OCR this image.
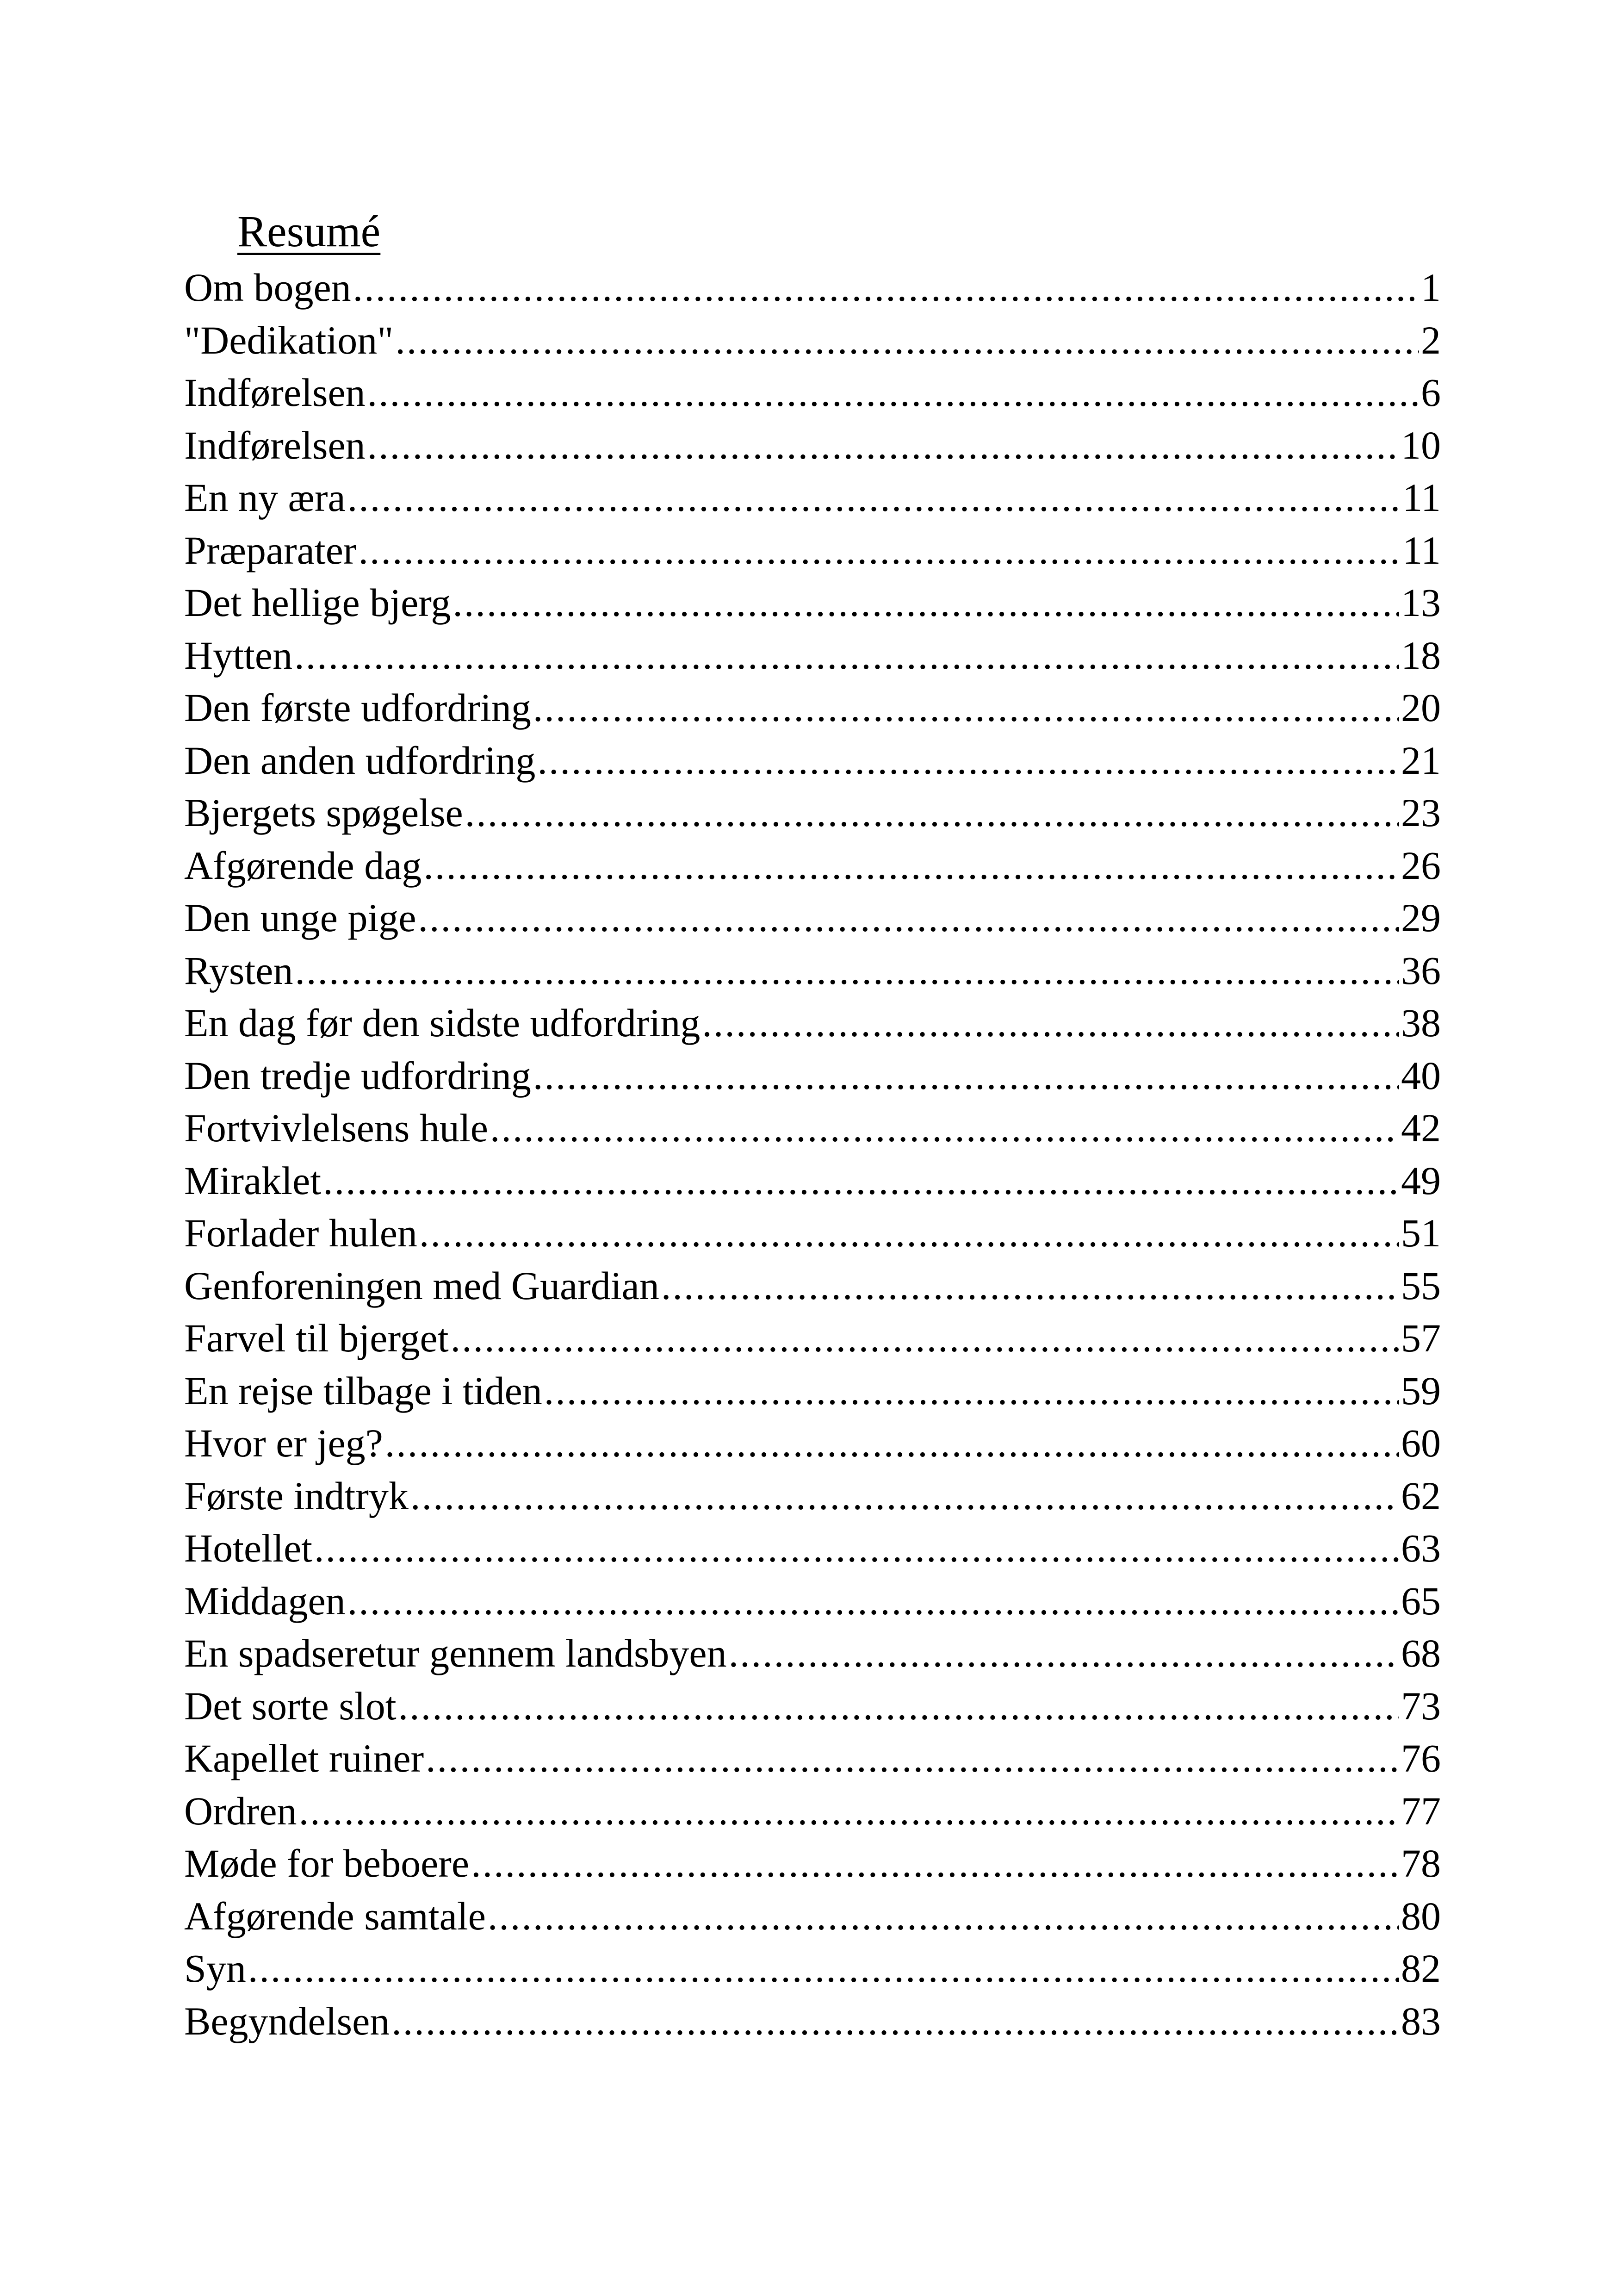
Resumé
Om bogen .....	1
"Dedikation" .....	2
Indførelsen .....	6
Indførelsen .....	10
En ny æra .....	11
Præparater .....	11
Det hellige bjerg .....	13
Hytten .....	18
Den første udfordring .....	20
Den anden udfordring .....	21
Bjergets spøgelse .....	23
Afgørende dag .....	26
Den unge pige .....	29
Rysten .....	36
En dag før den sidste udfordring .....	38
Den tredje udfordring .....	40
Fortvivlelsens hule .....	42
Miraklet .....	49
Forlader hulen .....	51
Genforeningen med Guardian .....	55
Farvel til bjerget .....	57
En rejse tilbage i tiden .....	59
Hvor er jeg? .....	60
Første indtryk .....	62
Hotellet .....	63
Middagen .....	65
En spadseretur gennem landsbyen .....	68
Det sorte slot .....	73
Kapellet ruiner .....	76
Ordren .....	77
Møde for beboere .....	78
Afgørende samtale .....	80
Syn .....	82
Begyndelsen .....	83
